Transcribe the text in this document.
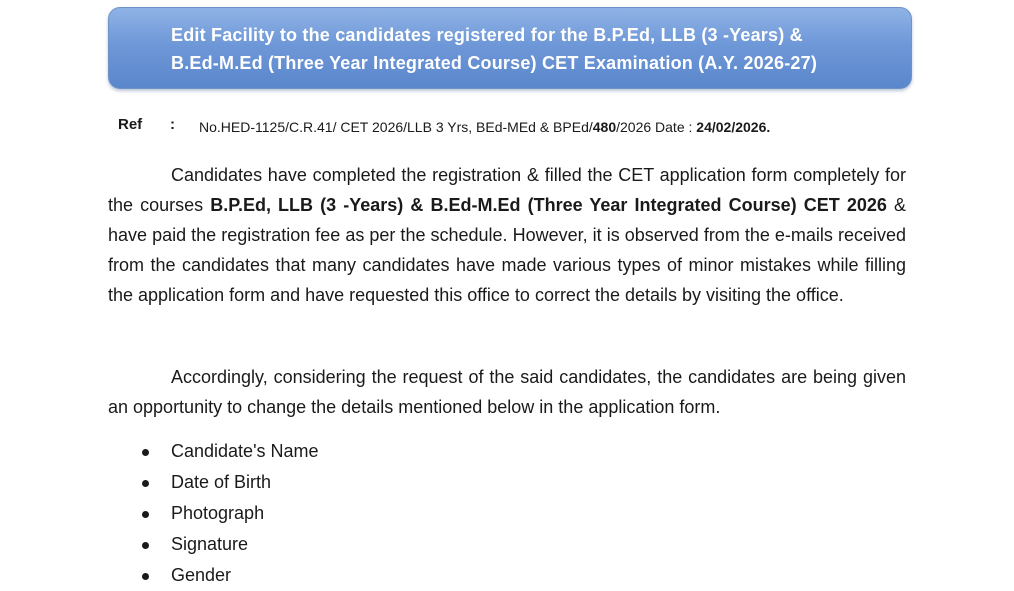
Edit Facility to the candidates registered for the B.P.Ed, LLB (3 -Years) &
B.Ed-M.Ed (Three Year Integrated Course) CET Examination (A.Y. 2026-27)
Ref : No.HED-1125/C.R.41/ CET 2026/LLB 3 Yrs, BEd-MEd & BPEd/480/2026 Date : 24/02/2026.

Candidates have completed the registration & filled the CET application form completely for the courses B.P.Ed, LLB (3 -Years) & B.Ed-M.Ed (Three Year Integrated Course) CET 2026 & have paid the registration fee as per the schedule. However, it is observed from the e-mails received from the candidates that many candidates have made various types of minor mistakes while filling the application form and have requested this office to correct the details by visiting the office.

Accordingly, considering the request of the said candidates, the candidates are being given an opportunity to change the details mentioned below in the application form.

Candidate's Name
Date of Birth
Photograph
Signature
Gender
